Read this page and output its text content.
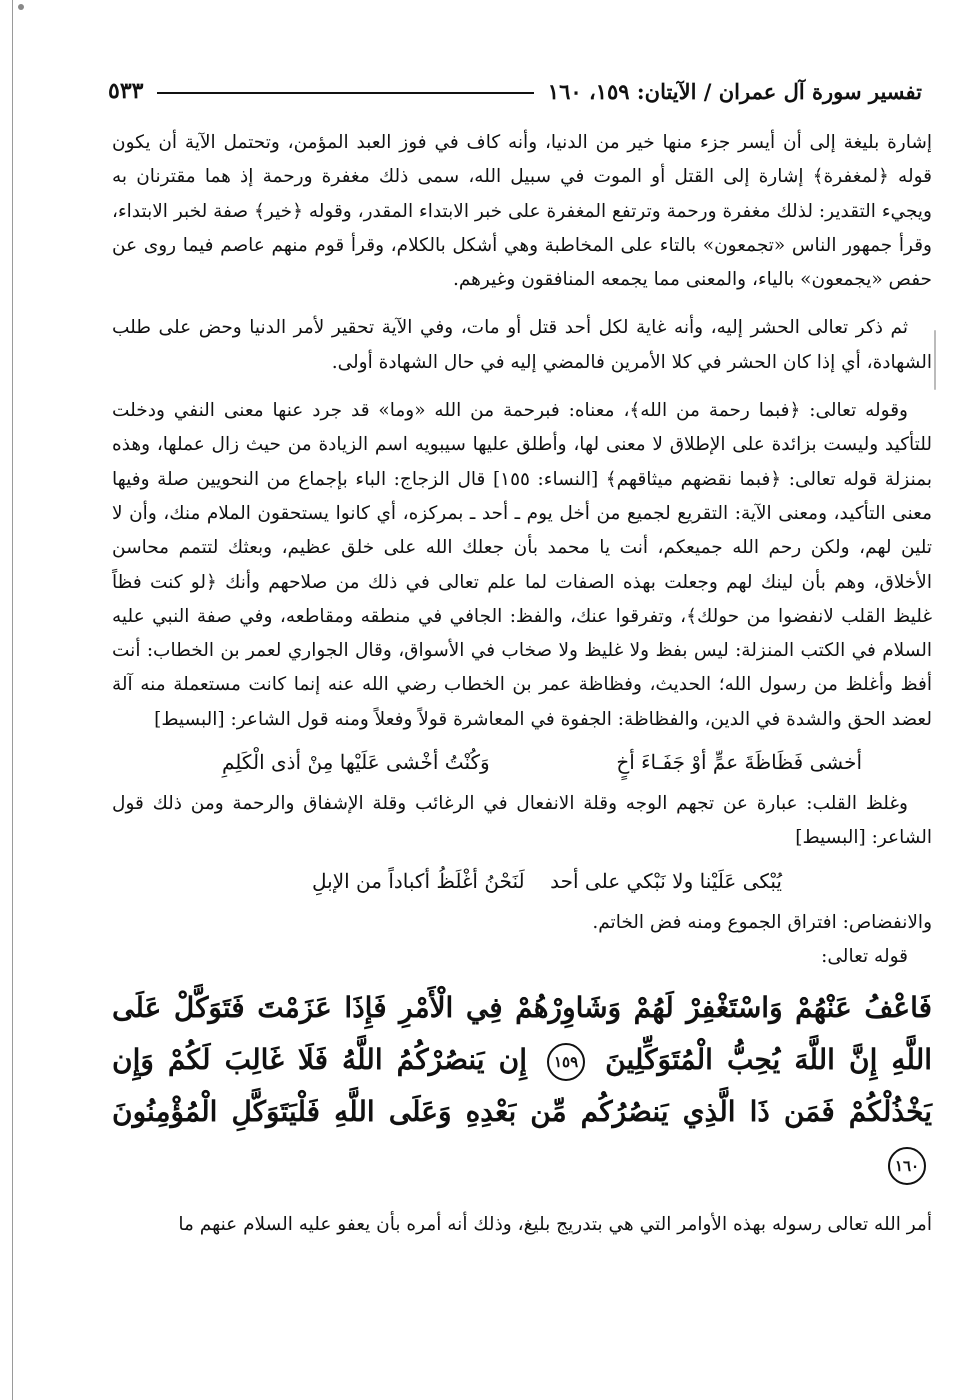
تفسير سورة آل عمران / الآيتان: ١٥٩، ١٦٠
٥٣٣

إشارة بليغة إلى أن أيسر جزء منها خير من الدنيا، وأنه كاف في فوز العبد المؤمن، وتحتمل الآية أن يكون قوله ﴿لمغفرة﴾ إشارة إلى القتل أو الموت في سبيل الله، سمى ذلك مغفرة ورحمة إذ هما مقترنان به ويجيء التقدير: لذلك مغفرة ورحمة وترتفع المغفرة على خبر الابتداء المقدر، وقوله ﴿خير﴾ صفة لخبر الابتداء، وقرأ جمهور الناس «تجمعون» بالتاء على المخاطبة وهي أشكل بالكلام، وقرأ قوم منهم عاصم فيما روى عن حفص «يجمعون» بالياء، والمعنى مما يجمعه المنافقون وغيرهم.

ثم ذكر تعالى الحشر إليه، وأنه غاية لكل أحد قتل أو مات، وفي الآية تحقير لأمر الدنيا وحض على طلب الشهادة، أي إذا كان الحشر في كلا الأمرين فالمضي إليه في حال الشهادة أولى.

وقوله تعالى: ﴿فبما رحمة من الله﴾، معناه: فبرحمة من الله «وما» قد جرد عنها معنى النفي ودخلت للتأكيد وليست بزائدة على الإطلاق لا معنى لها، وأطلق عليها سيبويه اسم الزيادة من حيث زال عملها، وهذه بمنزلة قوله تعالى: ﴿فبما نقضهم ميثاقهم﴾ [النساء: ١٥٥] قال الزجاج: الباء بإجماع من النحويين صلة وفيها معنى التأكيد، ومعنى الآية: التقريع لجميع من أخل يوم ـ أحد ـ بمركزه، أي كانوا يستحقون الملام منك، وأن لا تلين لهم، ولكن رحم الله جميعكم، أنت يا محمد بأن جعلك الله على خلق عظيم، وبعثك لتتمم محاسن الأخلاق، وهم بأن لينك لهم وجعلت بهذه الصفات لما علم تعالى في ذلك من صلاحهم وأنك ﴿لو كنت فظاً غليظ القلب لانفضوا من حولك﴾، وتفرقوا عنك، والفظ: الجافي في منطقه ومقاطعه، وفي صفة النبي عليه السلام في الكتب المنزلة: ليس بفظ ولا غليظ ولا صخاب في الأسواق، وقال الجواري لعمر بن الخطاب: أنت أفظ وأغلظ من رسول الله؛ الحديث، وفظاظة عمر بن الخطاب رضي الله عنه إنما كانت مستعملة منه آلة لعضد الحق والشدة في الدين، والفظاظة: الجفوة في المعاشرة قولاً وفعلاً ومنه قول الشاعر: [البسيط]

أخشى فَظَاظَةَ عمٍّ أوْ جَفَـاءَ أخٍ
وَكُنْتُ أخْشى عَلَيْها مِنْ أذى الْكَلِمِ

وغلظ القلب: عبارة عن تجهم الوجه وقلة الانفعال في الرغائب وقلة الإشفاق والرحمة ومن ذلك قول الشاعر: [البسيط]

يُبْكى عَلَيْنا ولا نَبْكي على أحد
لَنَحْنُ أغْلَظُ أكباداً من الإبلِ

والانفضاص: افتراق الجموع ومنه فض الخاتم.

قوله تعالى:

فَاعْفُ عَنْهُمْ وَاسْتَغْفِرْ لَهُمْ وَشَاوِرْهُمْ فِي الْأَمْرِ فَإِذَا عَزَمْتَ فَتَوَكَّلْ عَلَى اللَّهِ إِنَّ اللَّهَ يُحِبُّ الْمُتَوَكِّلِينَ ١٥٩ إِن يَنصُرْكُمُ اللَّهُ فَلَا غَالِبَ لَكُمْ وَإِن يَخْذُلْكُمْ فَمَن ذَا الَّذِي يَنصُرُكُم مِّن بَعْدِهِ وَعَلَى اللَّهِ فَلْيَتَوَكَّلِ الْمُؤْمِنُونَ ١٦٠

أمر الله تعالى رسوله بهذه الأوامر التي هي بتدريج بليغ، وذلك أنه أمره بأن يعفو عليه السلام عنهم ما
